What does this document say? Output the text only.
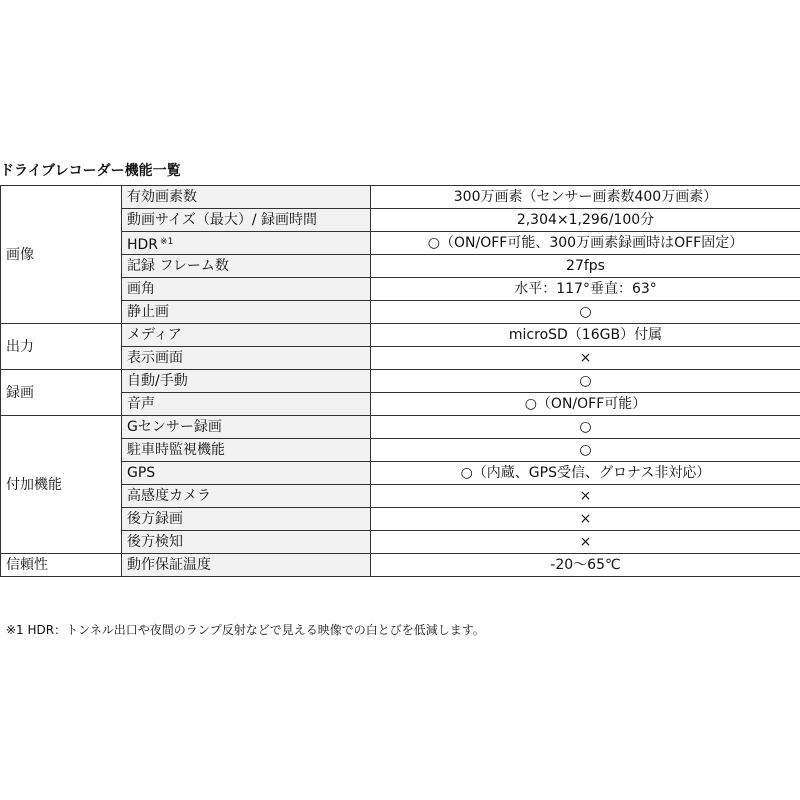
ドライブレコーダー機能一覧
画像	有効画素数	300万画素（センサー画素数400万画素）
	動画サイズ（最大）/ 録画時間	2,304×1,296/100分
	HDR $^{※1}$	○（ON/OFF可能、300万画素録画時はOFF固定）
	記録 フレーム数	27fps
	画角	水平：117°垂直：63°
	静止画	○
出力	メディア	microSD（16GB）付属
	表示画面	×
録画	自動/手動	○
	音声	○（ON/OFF可能）
付加機能	Gセンサー録画	○
	駐車時監視機能	○
	GPS	○（内蔵、GPS受信、グロナス非対応）
	高感度カメラ	×
	後方録画	×
	後方検知	×
信頼性	動作保証温度	-20〜65℃
※1 HDR：トンネル出口や夜間のランプ反射などで見える映像での白とびを低減します。
